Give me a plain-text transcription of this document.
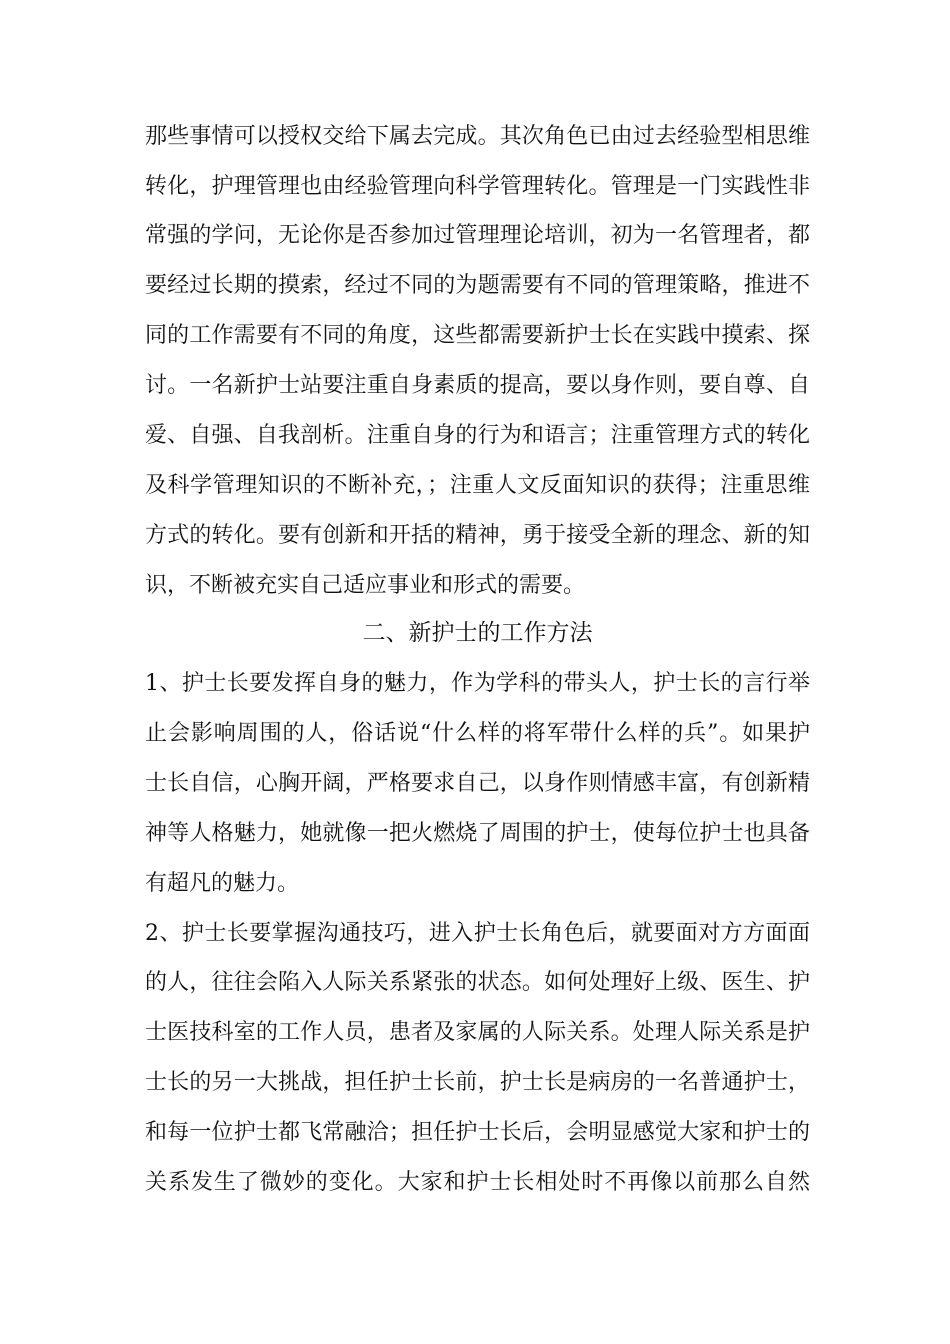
那些事情可以授权交给下属去完成。其次角色已由过去经验型相思维
转化，护理管理也由经验管理向科学管理转化。管理是一门实践性非
常强的学问，无论你是否参加过管理理论培训，初为一名管理者，都
要经过长期的摸索，经过不同的为题需要有不同的管理策略，推进不
同的工作需要有不同的角度，这些都需要新护士长在实践中摸索、探
讨。一名新护士站要注重自身素质的提高，要以身作则，要自尊、自
爱、自强、自我剖析。注重自身的行为和语言；注重管理方式的转化
及科学管理知识的不断补充，；注重人文反面知识的获得；注重思维
方式的转化。要有创新和开括的精神，勇于接受全新的理念、新的知
识，不断被充实自己适应事业和形式的需要。
二、新护士的工作方法
1、护士长要发挥自身的魅力，作为学科的带头人，护士长的言行举
止会影响周围的人，俗话说“什么样的将军带什么样的兵”。如果护
士长自信，心胸开阔，严格要求自己，以身作则情感丰富，有创新精
神等人格魅力，她就像一把火燃烧了周围的护士，使每位护士也具备
有超凡的魅力。
2、护士长要掌握沟通技巧，进入护士长角色后，就要面对方方面面
的人，往往会陷入人际关系紧张的状态。如何处理好上级、医生、护
士医技科室的工作人员，患者及家属的人际关系。处理人际关系是护
士长的另一大挑战，担任护士长前，护士长是病房的一名普通护士，
和每一位护士都飞常融洽；担任护士长后，会明显感觉大家和护士的
关系发生了微妙的变化。大家和护士长相处时不再像以前那么自然
